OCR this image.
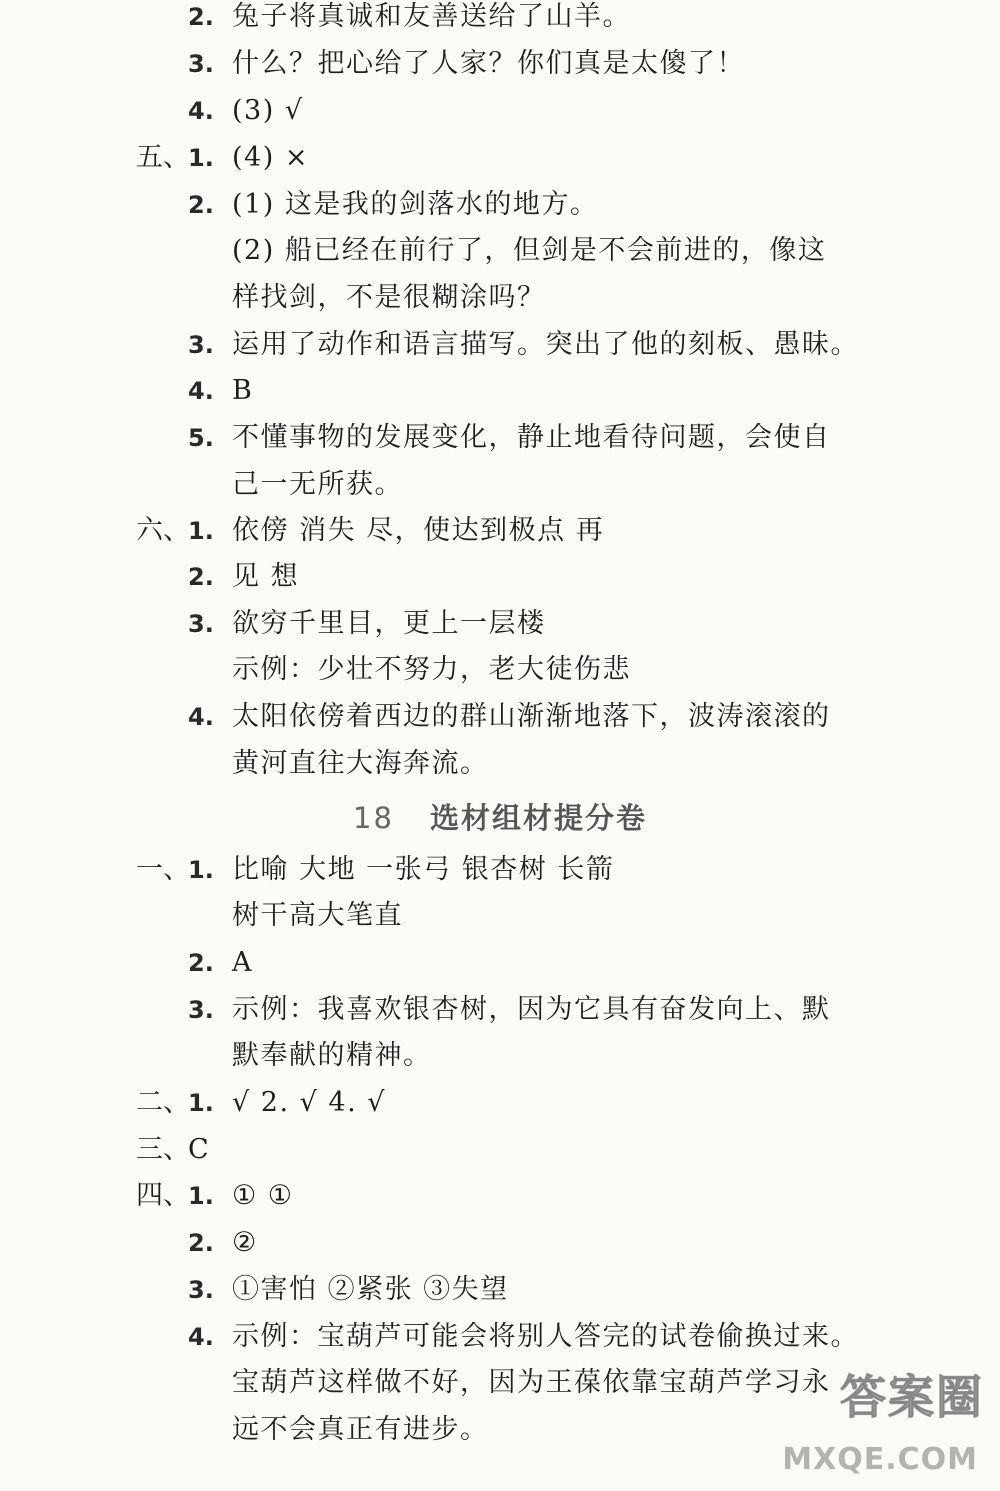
2. 兔子将真诚和友善送给了山羊。
3. 什么？把心给了人家？你们真是太傻了！
4. (3) √
五、
1. (4) ×
2. (1) 这是我的剑落水的地方。
(2) 船已经在前行了，但剑是不会前进的，像这
样找剑，不是很糊涂吗？
3. 运用了动作和语言描写。突出了他的刻板、愚昧。
4. B
5. 不懂事物的发展变化，静止地看待问题，会使自
己一无所获。
六、
1. 依傍 消失 尽，使达到极点 再
2. 见 想
3. 欲穷千里目，更上一层楼
示例：少壮不努力，老大徒伤悲
4. 太阳依傍着西边的群山渐渐地落下，波涛滚滚的
黄河直往大海奔流。
18 选材组材提分卷
一、
1. 比喻 大地 一张弓 银杏树 长箭
树干高大笔直
2. A
3. 示例：我喜欢银杏树，因为它具有奋发向上、默
默奉献的精神。
二、
1. √ 2. √ 4. √
三、
C
四、
1. ① ①
2. ②
3. ①害怕 ②紧张 ③失望
4. 示例：宝葫芦可能会将别人答完的试卷偷换过来。
宝葫芦这样做不好，因为王葆依靠宝葫芦学习永
远不会真正有进步。
答案圈
MXQE.COM
